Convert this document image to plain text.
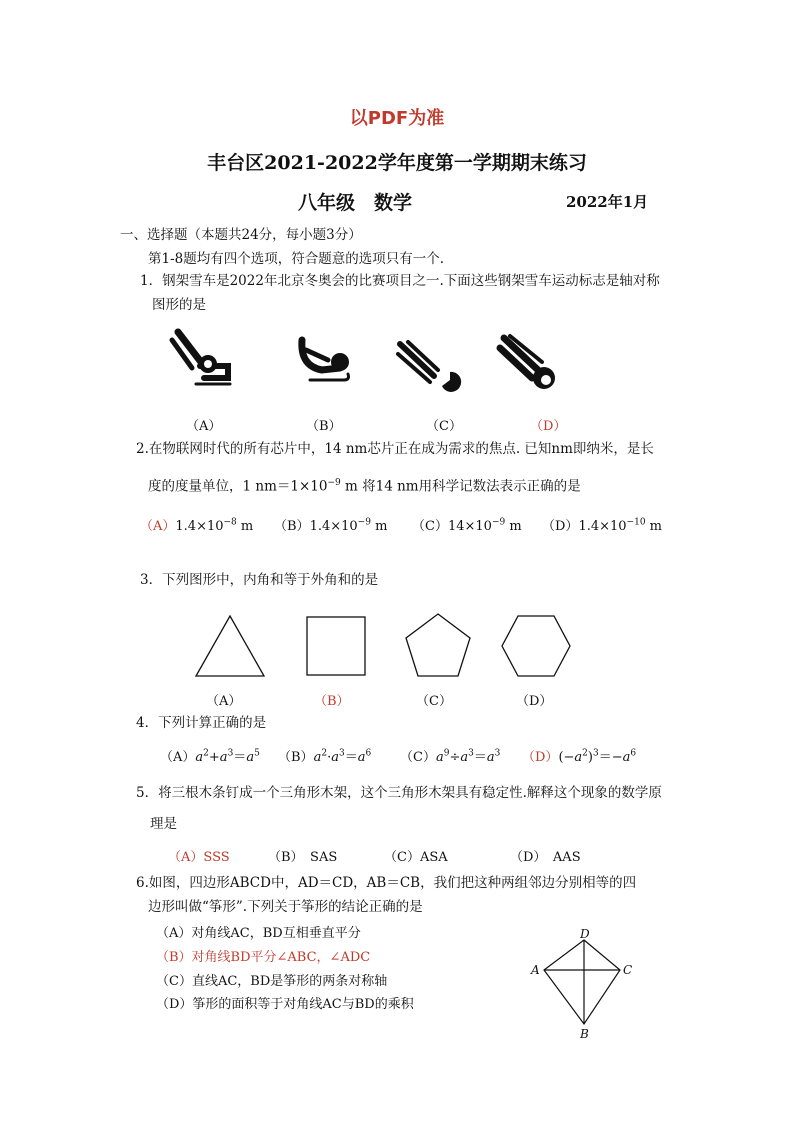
以PDF为准
丰台区2021-2022学年度第一学期期末练习
八年级　数学	2022年1月
一、选择题（本题共24分，每小题3分）
第1-8题均有四个选项，符合题意的选项只有一个.
1．钢架雪车是2022年北京冬奥会的比赛项目之一.下面这些钢架雪车运动标志是轴对称
图形的是
（A）	（B）	（C）	（D）
2.在物联网时代的所有芯片中，14 nm芯片正在成为需求的焦点. 已知nm即纳米，是长
度的度量单位，1 $nm=1\times 10^{-9}$ m 将14 nm用科学记数法表示正确的是
$(A)1.4\times 10^{-8}$ m $(B)1.4\times 10^{-9}$ m $(C)14\times 10^{-9}$ m $(D)1.4\times 10^{-10}$ m
3．下列图形中，内角和等于外角和的是
（A）	（B）	（C）	（D）
4．下列计算正确的是
$(A)a^2+a^3=a^5$ $(B)a^2\cdot a^3=a^6$ $(C)a^9\div a^3=a^3$ $(D)(-a^2)^3=-a^6$
5．将三根木条钉成一个三角形木架，这个三角形木架具有稳定性.解释这个现象的数学原
理是
（A）SSS	（B）　SAS	（C）ASA	（D）　AAS
6.如图，四边形ABCD中，AD＝CD，AB＝CB，我们把这种两组邻边分别相等的四
边形叫做“筝形”.下列关于筝形的结论正确的是
（A）对角线AC，BD互相垂直平分
（B）对角线BD平分∠ABC，∠ADC
（C）直线AC，BD是筝形的两条对称轴
（D）筝形的面积等于对角线AC与BD的乘积
D
A	C
B
